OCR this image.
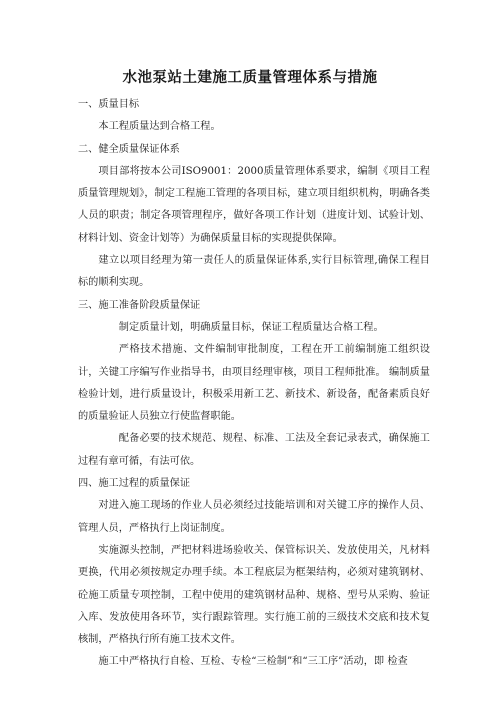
水池泵站土建施工质量管理体系与措施

一、质量目标

本工程质量达到合格工程。

二、健全质量保证体系

项目部将按本公司ISO9001：2000质量管理体系要求，编制《项目工程质量管理规划》，制定工程施工管理的各项目标，建立项目组织机构，明确各类人员的职责；制定各项管理程序，做好各项工作计划（进度计划、试验计划、材料计划、资金计划等）为确保质量目标的实现提供保障。

建立以项目经理为第一责任人的质量保证体系,实行目标管理,确保工程目标的顺利实现。

三、施工准备阶段质量保证

制定质量计划，明确质量目标，保证工程质量达合格工程。

严格技术措施、文件编制审批制度，工程在开工前编制施工组织设计，关键工序编写作业指导书，由项目经理审核，项目工程师批准。 编制质量检验计划，进行质量设计，积极采用新工艺、新技术、新设备，配备素质良好的质量验证人员独立行使监督职能。

配备必要的技术规范、规程、标准、工法及全套记录表式，确保施工过程有章可循，有法可依。

四、施工过程的质量保证

对进入施工现场的作业人员必须经过技能培训和对关键工序的操作人员、管理人员，严格执行上岗证制度。

实施源头控制，严把材料进场验收关、保管标识关、发放使用关，凡材料更换，代用必须按规定办理手续。本工程底层为框架结构，必须对建筑钢材、砼施工质量专项控制，工程中使用的建筑钢材品种、规格、型号从采购、验证入库、发放使用各环节，实行跟踪管理。实行施工前的三级技术交底和技术复核制，严格执行所有施工技术文件。

施工中严格执行自检、互检、专检“三检制”和“三工序”活动，即 检查
